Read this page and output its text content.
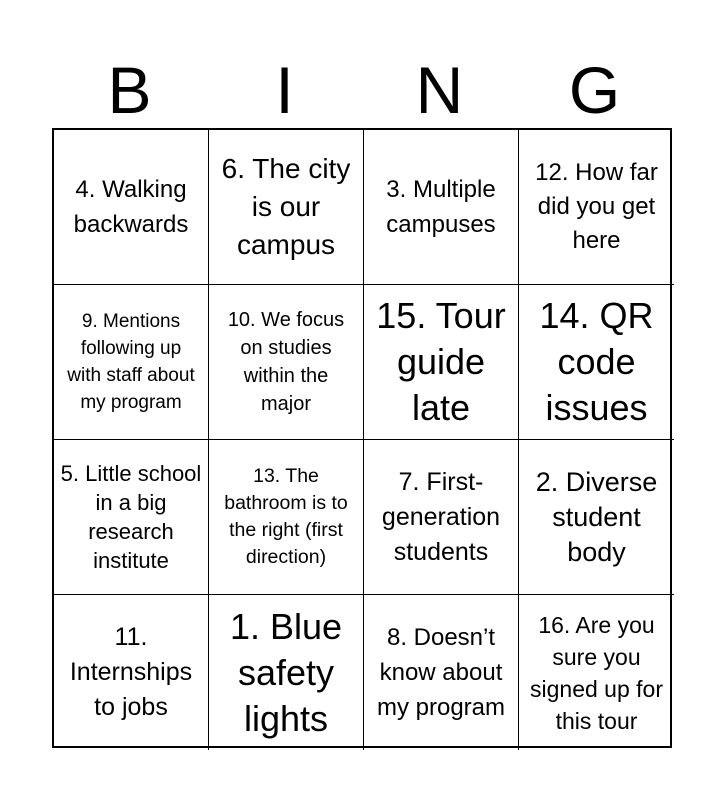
B	I	N	G
4. Walking backwards
6. The city is our campus
3. Multiple campuses
12. How far did you get here
9. Mentions following up with staff about my program
10. We focus on studies within the major
15. Tour guide late
14. QR code issues
5. Little school in a big research institute
13. The bathroom is to the right (first direction)
7. First-generation students
2. Diverse student body
11. Internships to jobs
1. Blue safety lights
8. Doesn’t know about my program
16. Are you sure you signed up for this tour
